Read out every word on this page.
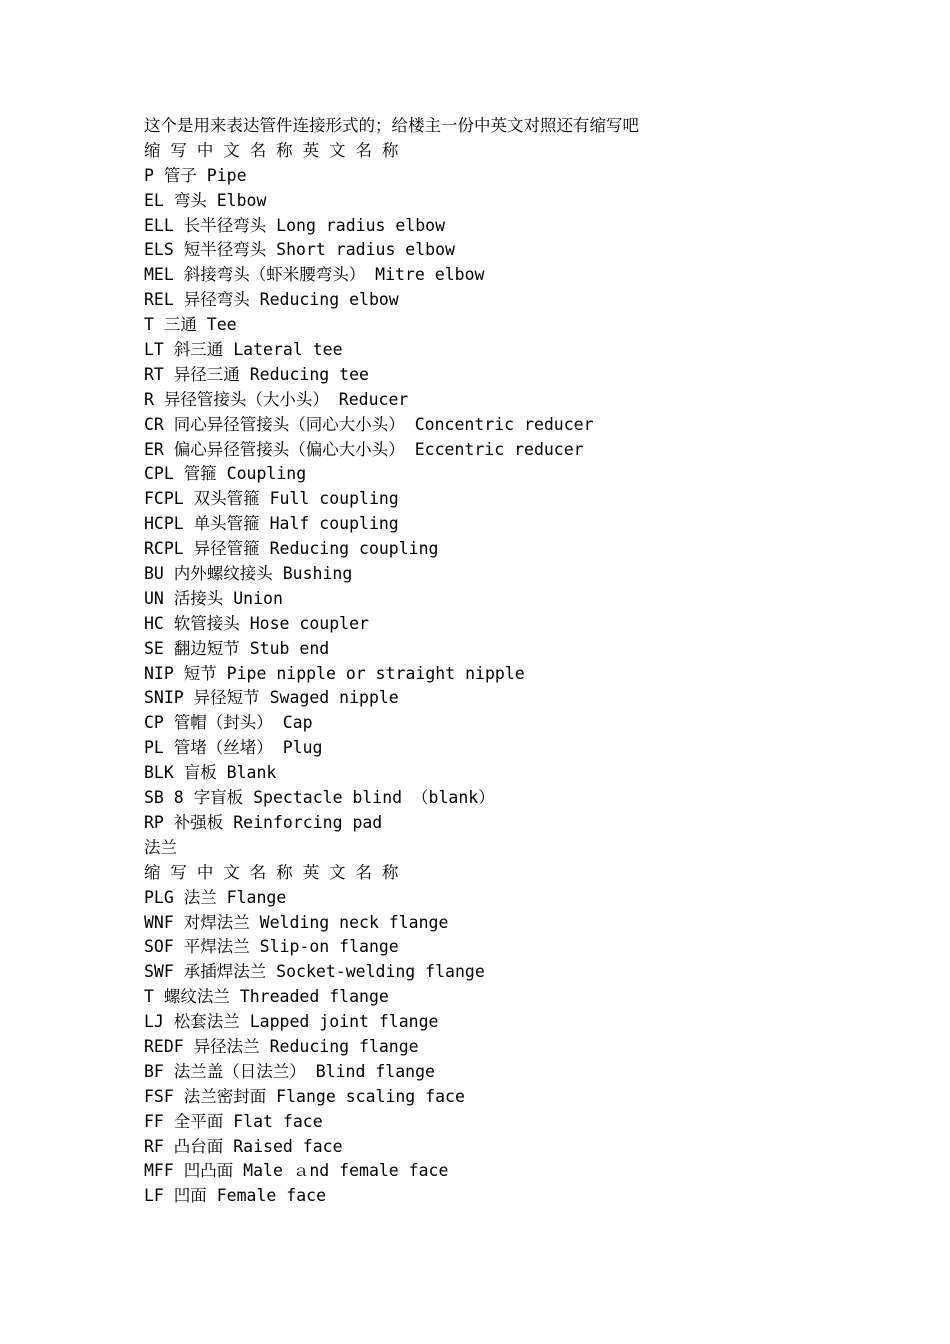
这个是用来表达管件连接形式的；给楼主一份中英文对照还有缩写吧
缩 写 中 文 名 称 英 文 名 称
P 管子 Pipe
EL 弯头 Elbow
ELL 长半径弯头 Long radius elbow
ELS 短半径弯头 Short radius elbow
MEL 斜接弯头（虾米腰弯头） Mitre elbow
REL 异径弯头 Reducing elbow
T 三通 Tee
LT 斜三通 Lateral tee
RT 异径三通 Reducing tee
R 异径管接头（大小头） Reducer
CR 同心异径管接头（同心大小头） Concentric reducer
ER 偏心异径管接头（偏心大小头） Eccentric reducer
CPL 管箍 Coupling
FCPL 双头管箍 Full coupling
HCPL 单头管箍 Half coupling
RCPL 异径管箍 Reducing coupling
BU 内外螺纹接头 Bushing
UN 活接头 Union
HC 软管接头 Hose coupler
SE 翻边短节 Stub end
NIP 短节 Pipe nipple or straight nipple
SNIP 异径短节 Swaged nipple
CP 管帽（封头） Cap
PL 管堵（丝堵） Plug
BLK 盲板 Blank
SB 8 字盲板 Spectacle blind （blank）
RP 补强板 Reinforcing pad
法兰
缩 写 中 文 名 称 英 文 名 称
PLG 法兰 Flange
WNF 对焊法兰 Welding neck flange
SOF 平焊法兰 Slip-on flange
SWF 承插焊法兰 Socket-welding flange
T 螺纹法兰 Threaded flange
LJ 松套法兰 Lapped joint flange
REDF 异径法兰 Reducing flange
BF 法兰盖（日法兰） Blind flange
FSF 法兰密封面 Flange scaling face
FF 全平面 Flat face
RF 凸台面 Raised face
MFF 凹凸面 Male ａnd female face
LF 凹面 Female face
